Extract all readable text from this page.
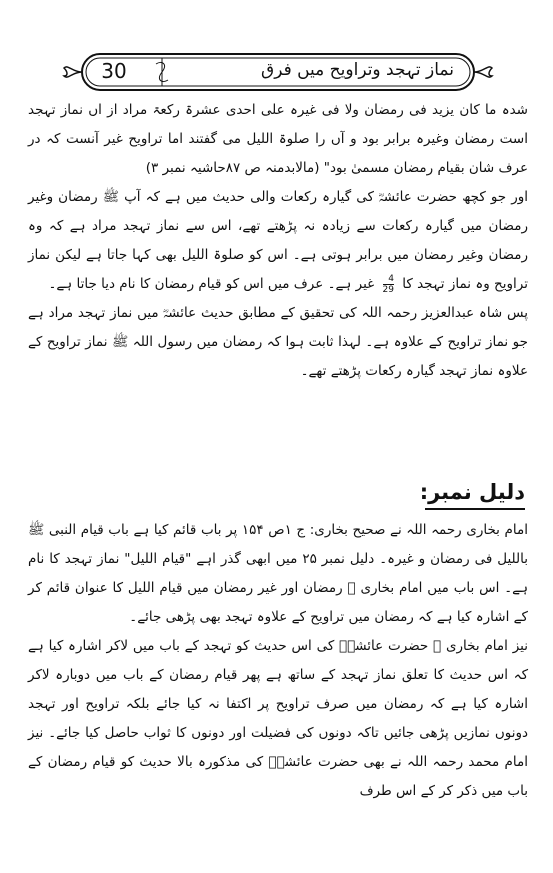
30	نماز تہجد وتراویح میں فرق

شدہ ما کان یزید فی رمضان ولا فی غیرہ علی احدی عشرۃ رکعۃ مراد از اں نماز تہجد است رمضان وغیرہ برابر بود و آں را صلوۃ اللیل می گفتند اما تراویح غیر آنست کہ در عرف شان بقیام رمضان مسمیٰ بود" (مالابدمنہ ص ۸۷حاشیہ نمبر ۳)

اور جو کچھ حضرت عائشہؓ کی گیارہ رکعات والی حدیث میں ہے کہ آپ ﷺ رمضان وغیر رمضان میں گیارہ رکعات سے زیادہ نہ پڑھتے تھے، اس سے نماز تہجد مراد ہے کہ وہ رمضان وغیر رمضان میں برابر ہوتی ہے۔ اس کو صلوۃ اللیل بھی کہا جاتا ہے لیکن نماز تراویح وہ نماز تہجد کا
$\frac{4}{29}$
غیر ہے۔ عرف میں اس کو قیام رمضان کا نام دیا جاتا ہے۔

پس شاہ عبدالعزیز رحمہ اللہ کی تحقیق کے مطابق حدیث عائشہؓ میں نماز تہجد مراد ہے جو نماز تراویح کے علاوہ ہے۔ لہذا ثابت ہوا کہ رمضان میں رسول اللہ ﷺ نماز تراویح کے علاوہ نماز تہجد گیارہ رکعات پڑھتے تھے۔

دلیل نمبر:

امام بخاری رحمہ اللہ نے صحیح بخاری: ج ۱ص ۱۵۴ پر باب قائم کیا ہے باب قیام النبی ﷺ باللیل فی رمضان و غیرہ۔ دلیل نمبر ۲۵ میں ابھی گذر اہے "قیام اللیل" نماز تہجد کا نام ہے۔ اس باب میں امام بخاری ﷫ رمضان اور غیر رمضان میں قیام اللیل کا عنوان قائم کر کے اشارہ کیا ہے کہ رمضان میں تراویح کے علاوہ تہجد بھی پڑھی جائے۔

نیز امام بخاری ﷫ حضرت عائشہؓ کی اس حدیث کو تہجد کے باب میں لاکر اشارہ کیا ہے کہ اس حدیث کا تعلق نماز تہجد کے ساتھ ہے پھر قیام رمضان کے باب میں دوبارہ لاکر اشارہ کیا ہے کہ رمضان میں صرف تراویح پر اکتفا نہ کیا جائے بلکہ تراویح اور تہجد دونوں نمازیں پڑھی جائیں تاکہ دونوں کی فضیلت اور دونوں کا ثواب حاصل کیا جائے۔ نیز امام محمد رحمہ اللہ نے بھی حضرت عائشہؓ کی مذکورہ بالا حدیث کو قیام رمضان کے باب میں ذکر کر کے اس طرف
